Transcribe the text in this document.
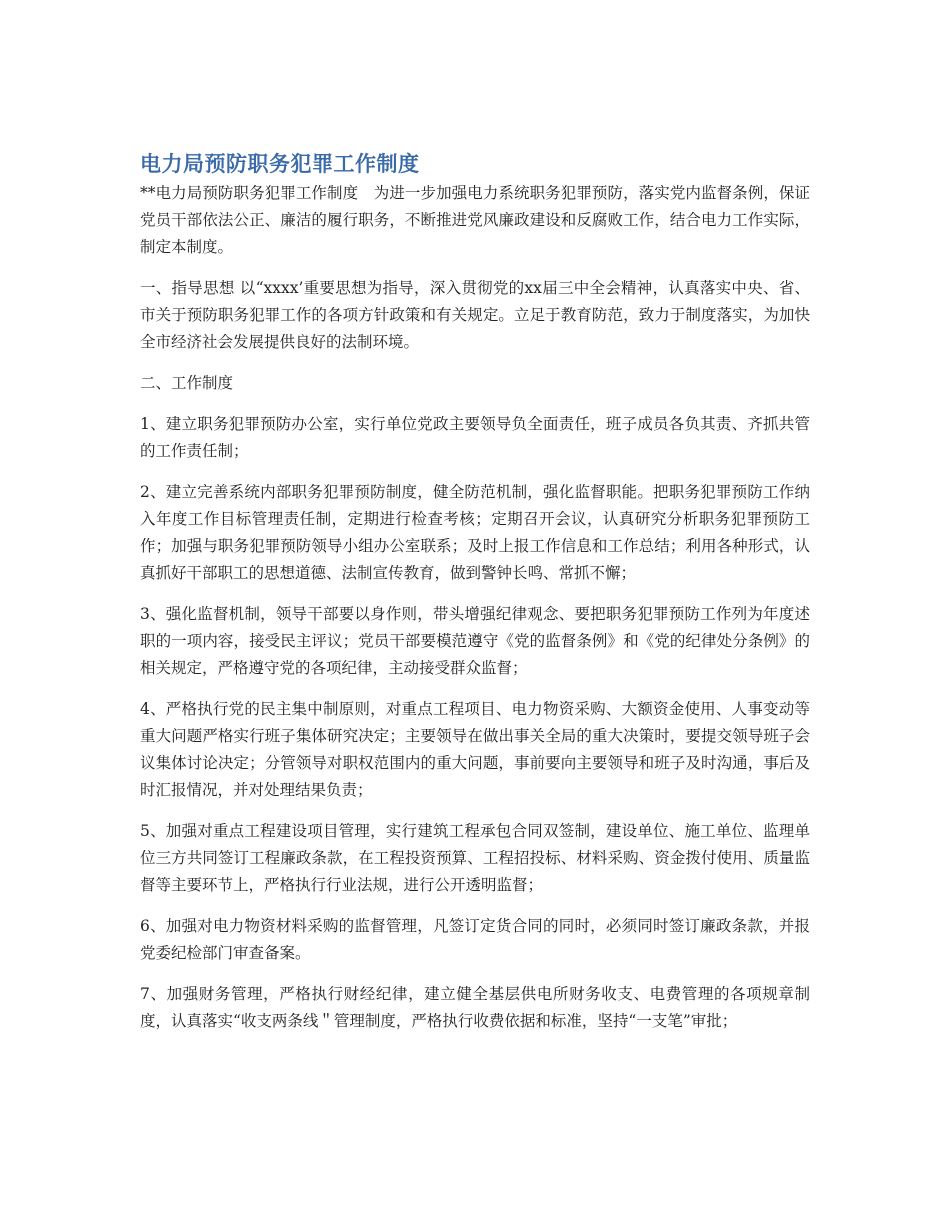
电力局预防职务犯罪工作制度

**电力局预防职务犯罪工作制度　为进一步加强电力系统职务犯罪预防，落实党内监督条例，保证党员干部依法公正、廉洁的履行职务，不断推进党风廉政建设和反腐败工作，结合电力工作实际，制定本制度。

一、指导思想 以“xxxx’重要思想为指导，深入贯彻党的xx届三中全会精神，认真落实中央、省、市关于预防职务犯罪工作的各项方针政策和有关规定。立足于教育防范，致力于制度落实，为加快全市经济社会发展提供良好的法制环境。

二、工作制度

1、建立职务犯罪预防办公室，实行单位党政主要领导负全面责任，班子成员各负其责、齐抓共管的工作责任制；

2、建立完善系统内部职务犯罪预防制度，健全防范机制，强化监督职能。把职务犯罪预防工作纳入年度工作目标管理责任制，定期进行检查考核；定期召开会议，认真研究分析职务犯罪预防工作；加强与职务犯罪预防领导小组办公室联系；及时上报工作信息和工作总结；利用各种形式，认真抓好干部职工的思想道德、法制宣传教育，做到警钟长鸣、常抓不懈；

3、强化监督机制，领导干部要以身作则，带头增强纪律观念、要把职务犯罪预防工作列为年度述职的一项内容，接受民主评议；党员干部要模范遵守《党的监督条例》和《党的纪律处分条例》的相关规定，严格遵守党的各项纪律，主动接受群众监督；

4、严格执行党的民主集中制原则，对重点工程项目、电力物资采购、大额资金使用、人事变动等重大问题严格实行班子集体研究决定；主要领导在做出事关全局的重大决策时，要提交领导班子会议集体讨论决定；分管领导对职权范围内的重大问题，事前要向主要领导和班子及时沟通，事后及时汇报情况，并对处理结果负责；

5、加强对重点工程建设项目管理，实行建筑工程承包合同双签制，建设单位、施工单位、监理单位三方共同签订工程廉政条款，在工程投资预算、工程招投标、材料采购、资金拨付使用、质量监督等主要环节上，严格执行行业法规，进行公开透明监督；

6、加强对电力物资材料采购的监督管理，凡签订定货合同的同时，必须同时签订廉政条款，并报党委纪检部门审查备案。

7、加强财务管理，严格执行财经纪律，建立健全基层供电所财务收支、电费管理的各项规章制度，认真落实“收支两条线＂管理制度，严格执行收费依据和标准，坚持“一支笔”审批；
